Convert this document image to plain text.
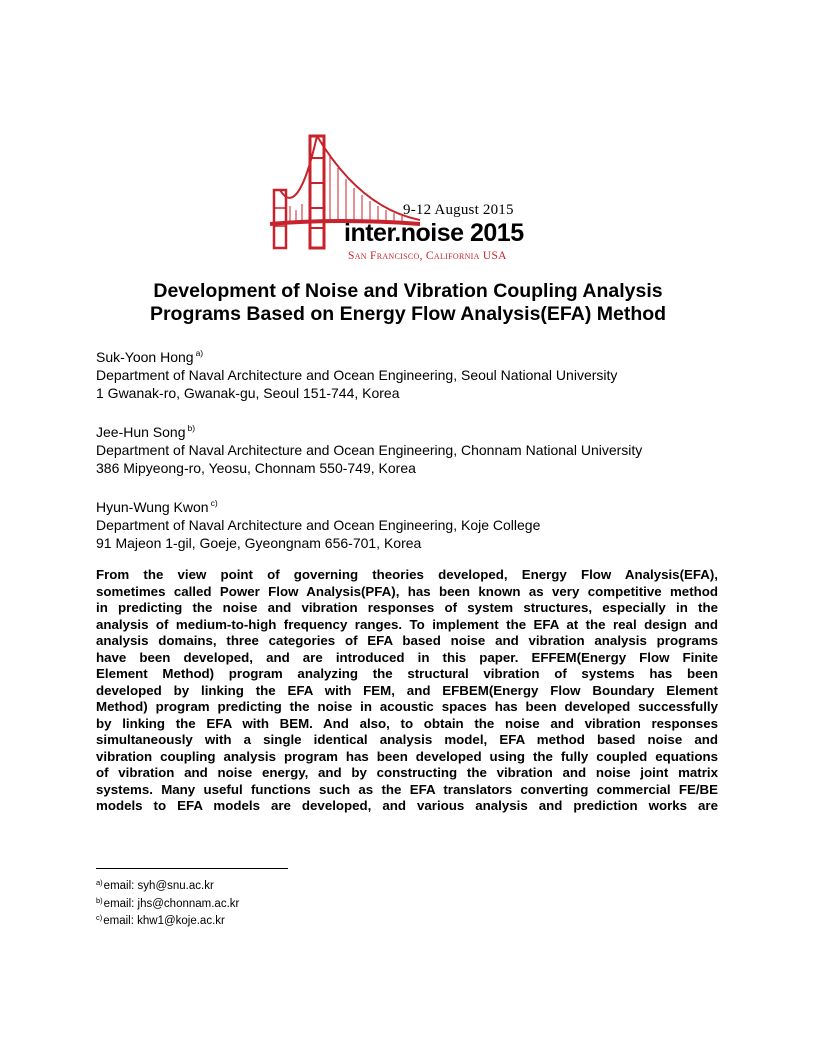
9-12 August 2015
inter.noise 2015
San Francisco, California USA
Development of Noise and Vibration Coupling Analysis
Programs Based on Energy Flow Analysis(EFA) Method
Suk-Yoon Hong $^{a)}$
Department of Naval Architecture and Ocean Engineering, Seoul National University
1 Gwanak-ro, Gwanak-gu, Seoul 151-744, Korea
Jee-Hun Song $^{b)}$
Department of Naval Architecture and Ocean Engineering, Chonnam National University
386 Mipyeong-ro, Yeosu, Chonnam 550-749, Korea
Hyun-Wung Kwon $^{c)}$
Department of Naval Architecture and Ocean Engineering, Koje College
91 Majeon 1-gil, Goeje, Gyeongnam 656-701, Korea
From the view point of governing theories developed, Energy Flow Analysis(EFA),
sometimes called Power Flow Analysis(PFA), has been known as very competitive method
in predicting the noise and vibration responses of system structures, especially in the
analysis of medium-to-high frequency ranges. To implement the EFA at the real design and
analysis domains, three categories of EFA based noise and vibration analysis programs
have been developed, and are introduced in this paper. EFFEM(Energy Flow Finite
Element Method) program analyzing the structural vibration of systems has been
developed by linking the EFA with FEM, and EFBEM(Energy Flow Boundary Element
Method) program predicting the noise in acoustic spaces has been developed successfully
by linking the EFA with BEM. And also, to obtain the noise and vibration responses
simultaneously with a single identical analysis model, EFA method based noise and
vibration coupling analysis program has been developed using the fully coupled equations
of vibration and noise energy, and by constructing the vibration and noise joint matrix
systems. Many useful functions such as the EFA translators converting commercial FE/BE
models to EFA models are developed, and various analysis and prediction works are
$^{a)}$email: syh@snu.ac.kr
$^{b)}$email: jhs@chonnam.ac.kr
$^{c)}$email: khw1@koje.ac.kr
